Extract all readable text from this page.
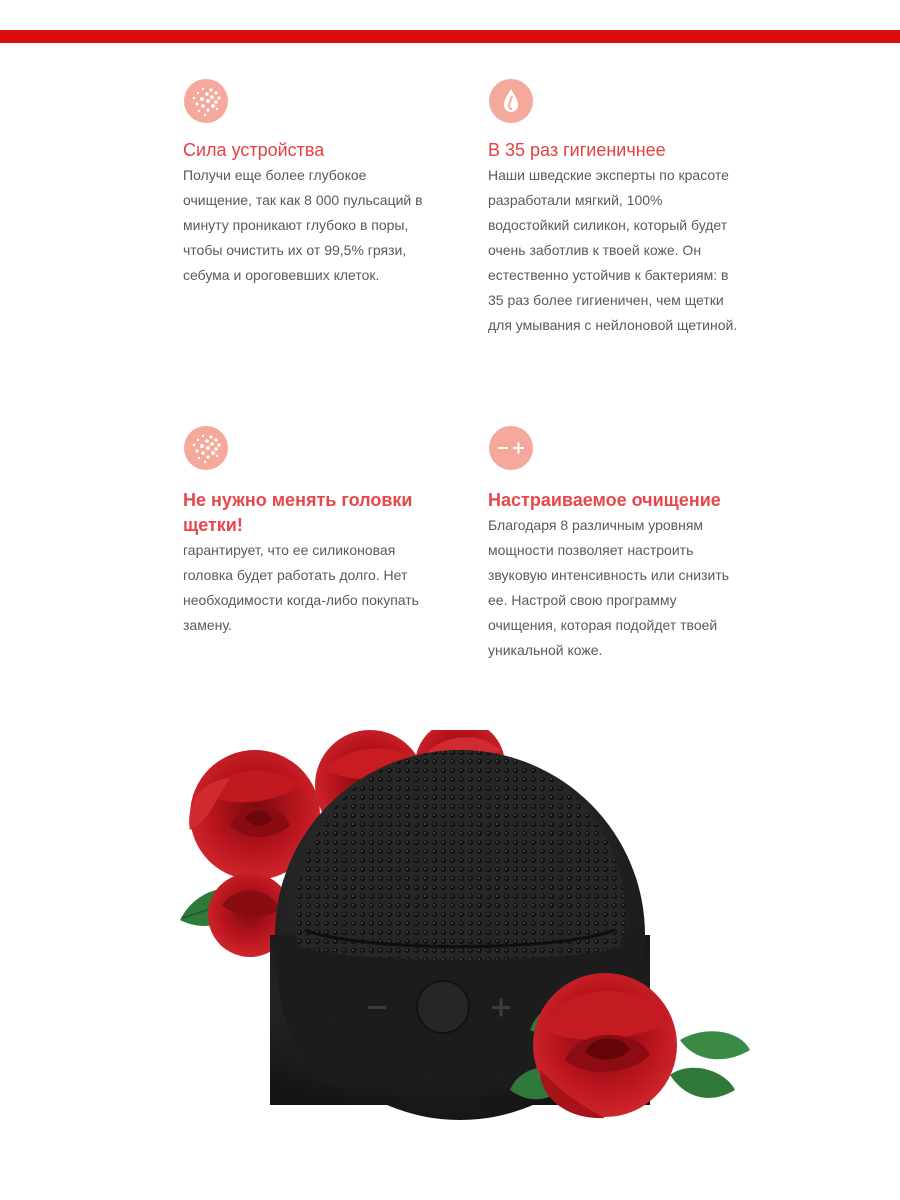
Сила устройства

Получи еще более глубокое очищение, так как 8 000 пульсаций в минуту проникают глубоко в поры, чтобы очистить их от 99,5% грязи, себума и ороговевших клеток.

В 35 раз гигиеничнее

Наши шведские эксперты по красоте разработали мягкий, 100% водостойкий силикон, который будет очень заботлив к твоей коже. Он естественно устойчив к бактериям: в 35 раз более гигиеничен, чем щетки для умывания с нейлоновой щетиной.

Не нужно менять головки щетки!

гарантирует, что ее силиконовая головка будет работать долго. Нет необходимости когда-либо покупать замену.

Настраиваемое очищение

Благодаря 8 различным уровням мощности позволяет настроить звуковую интенсивность или снизить ее. Настрой свою программу очищения, которая подойдет твоей уникальной коже.
